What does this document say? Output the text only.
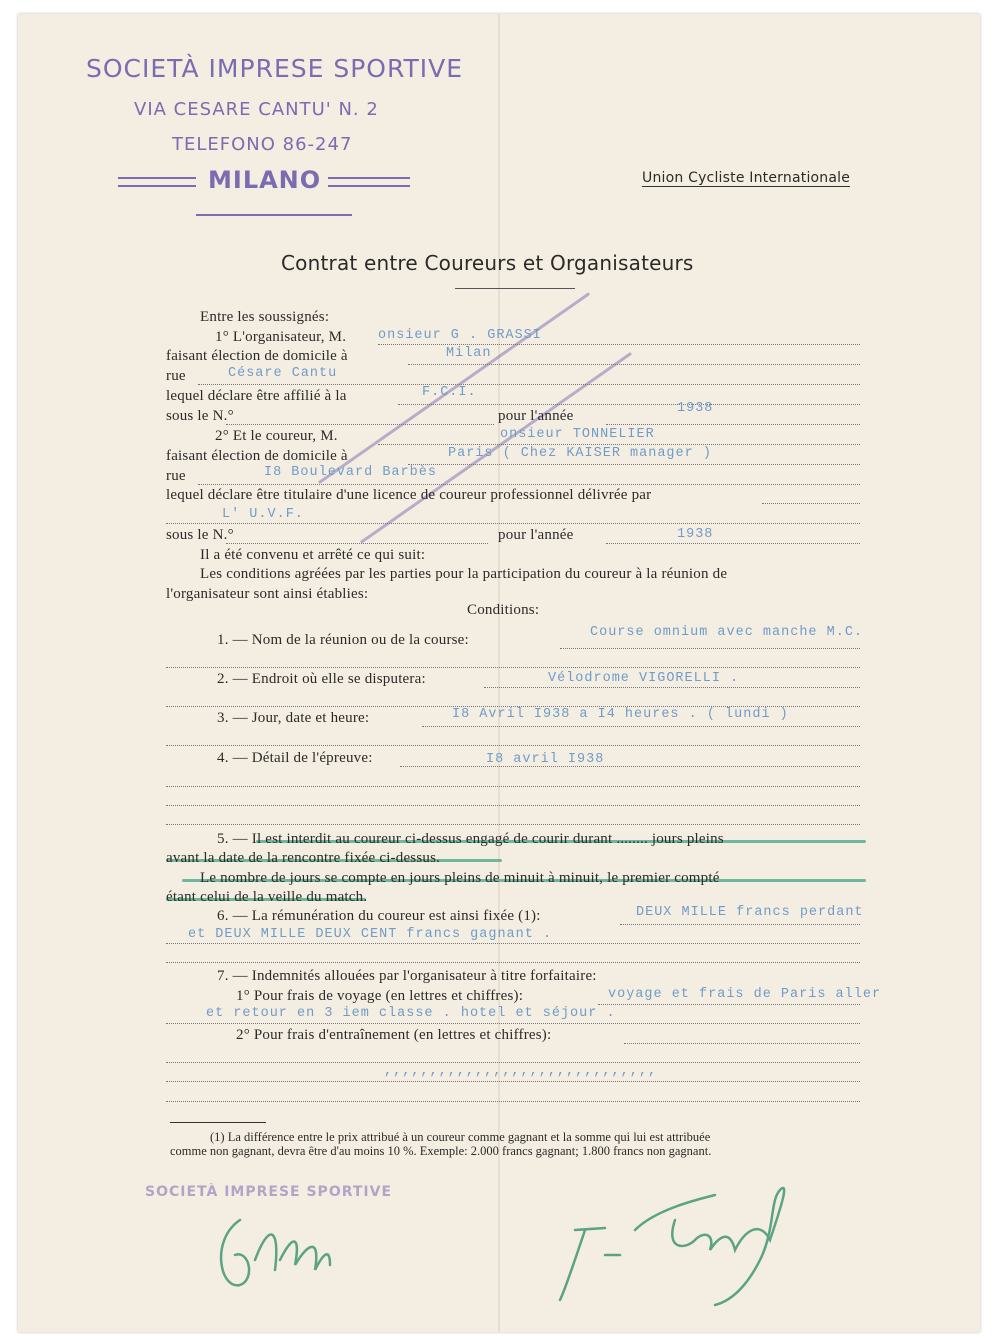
SOCIETÀ IMPRESE SPORTIVE
VIA CESARE CANTU' N. 2
TELEFONO 86-247
MILANO	Union Cycliste Internationale
Contrat entre Coureurs et Organisateurs
Entre les soussignés:
1° L'organisateur, M. onsieur G . GRASSI
faisant élection de domicile à	Milan
rue	Césare Cantu
lequel déclare être affilié à la	F.C.I.
sous le N.°	pour l'année	1938
2° Et le coureur, M.	onsieur TONNELIER
faisant élection de domicile à	Paris ( Chez KAISER manager )
rue	I8 Boulevard Barbès
lequel déclare être titulaire d'une licence de coureur professionnel délivrée par
L' U.V.F.
sous le N.°	pour l'année	1938
Il a été convenu et arrêté ce qui suit:
Les conditions agréées par les parties pour la participation du coureur à la réunion de
l'organisateur sont ainsi établies:
Conditions:
1. — Nom de la réunion ou de la course:	Course omnium avec manche M.C.
2. — Endroit où elle se disputera:	Vélodrome VIGORELLI .
3. — Jour, date et heure:	I8 Avril I938 a I4 heures . ( lundi )
4. — Détail de l'épreuve:	I8 avril I938
5. — Il est interdit au coureur ci-dessus engagé de courir durant ........ jours pleins
avant la date de la rencontre fixée ci-dessus.
Le nombre de jours se compte en jours pleins de minuit à minuit, le premier compté
étant celui de la veille du match.
6. — La rémunération du coureur est ainsi fixée (1):	DEUX MILLE francs perdant
et DEUX MILLE DEUX CENT francs gagnant .
7. — Indemnités allouées par l'organisateur à titre forfaitaire:
1° Pour frais de voyage (en lettres et chiffres):	voyage et frais de Paris aller
et retour en 3 iem classe . hotel et séjour .
2° Pour frais d'entraînement (en lettres et chiffres):
,,,,,,,,,,,,,,,,,,,,,,,,,,,,,,
(1) La différence entre le prix attribué à un coureur comme gagnant et la somme qui lui est attribuée
comme non gagnant, devra être d'au moins 10 %. Exemple: 2.000 francs gagnant; 1.800 francs non gagnant.
SOCIETÀ IMPRESE SPORTIVE
